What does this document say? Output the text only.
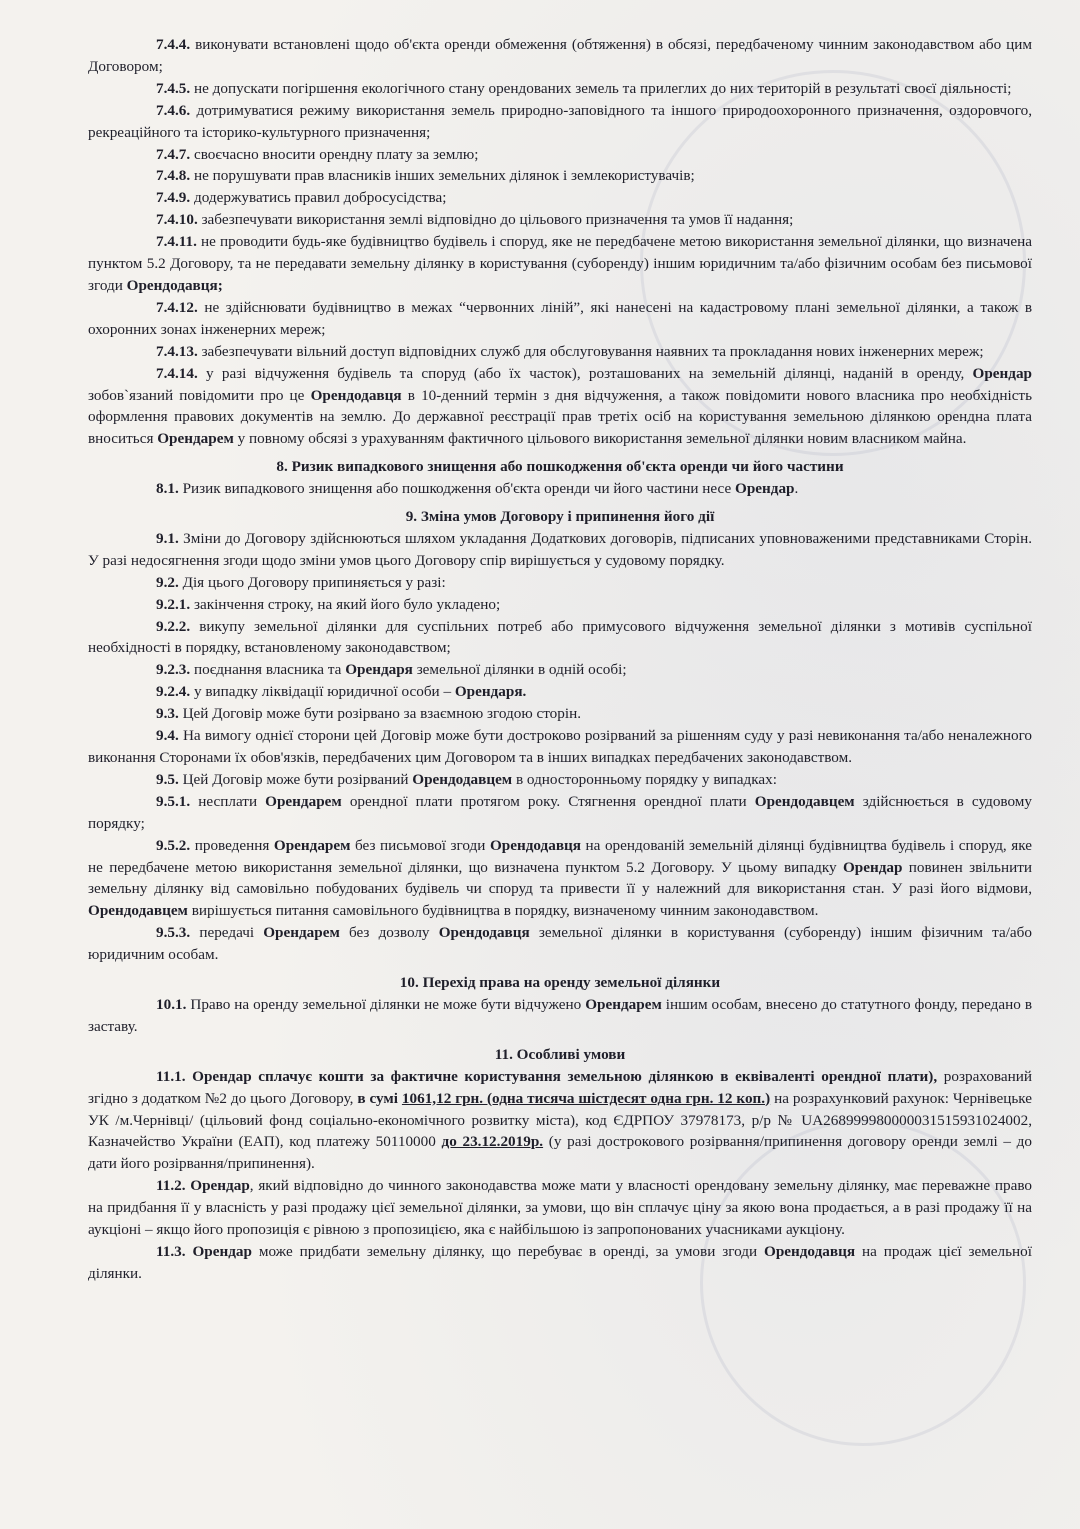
7.4.4. виконувати встановлені щодо об'єкта оренди обмеження (обтяження) в обсязі, передбаченому чинним законодавством або цим Договором;

7.4.5. не допускати погіршення екологічного стану орендованих земель та прилеглих до них територій в результаті своєї діяльності;

7.4.6. дотримуватися режиму використання земель природно-заповідного та іншого природоохоронного призначення, оздоровчого, рекреаційного та історико-культурного призначення;

7.4.7. своєчасно вносити орендну плату за землю;

7.4.8. не порушувати прав власників інших земельних ділянок і землекористувачів;

7.4.9. додержуватись правил добросусідства;

7.4.10. забезпечувати використання землі відповідно до цільового призначення та умов її надання;

7.4.11. не проводити будь-яке будівництво будівель і споруд, яке не передбачене метою використання земельної ділянки, що визначена пунктом 5.2 Договору, та не передавати земельну ділянку в користування (суборенду) іншим юридичним та/або фізичним особам без письмової згоди Орендодавця;

7.4.12. не здійснювати будівництво в межах “червонних ліній”, які нанесені на кадастровому плані земельної ділянки, а також в охоронних зонах інженерних мереж;

7.4.13. забезпечувати вільний доступ відповідних служб для обслуговування наявних та прокладання нових інженерних мереж;

7.4.14. у разі відчуження будівель та споруд (або їх часток), розташованих на земельній ділянці, наданій в оренду, Орендар зобов`язаний повідомити про це Орендодавця в 10-денний термін з дня відчуження, а також повідомити нового власника про необхідність оформлення правових документів на землю. До державної реєстрації прав третіх осіб на користування земельною ділянкою орендна плата вноситься Орендарем у повному обсязі з урахуванням фактичного цільового використання земельної ділянки новим власником майна.

8. Ризик випадкового знищення або пошкодження об'єкта оренди чи його частини

8.1. Ризик випадкового знищення або пошкодження об'єкта оренди чи його частини несе Орендар.

9. Зміна умов Договору і припинення його дії

9.1. Зміни до Договору здійснюються шляхом укладання Додаткових договорів, підписаних уповноваженими представниками Сторін. У разі недосягнення згоди щодо зміни умов цього Договору спір вирішується у судовому порядку.

9.2. Дія цього Договору припиняється у разі:

9.2.1. закінчення строку, на який його було укладено;

9.2.2. викупу земельної ділянки для суспільних потреб або примусового відчуження земельної ділянки з мотивів суспільної необхідності в порядку, встановленому законодавством;

9.2.3. поєднання власника та Орендаря земельної ділянки в одній особі;

9.2.4. у випадку ліквідації юридичної особи – Орендаря.

9.3. Цей Договір може бути розірвано за взаємною згодою сторін.

9.4. На вимогу однієї сторони цей Договір може бути достроково розірваний за рішенням суду у разі невиконання та/або неналежного виконання Сторонами їх обов'язків, передбачених цим Договором та в інших випадках передбачених законодавством.

9.5. Цей Договір може бути розірваний Орендодавцем в односторонньому порядку у випадках:

9.5.1. несплати Орендарем орендної плати протягом року. Стягнення орендної плати Орендодавцем здійснюється в судовому порядку;

9.5.2. проведення Орендарем без письмової згоди Орендодавця на орендованій земельній ділянці будівництва будівель і споруд, яке не передбачене метою використання земельної ділянки, що визначена пунктом 5.2 Договору. У цьому випадку Орендар повинен звільнити земельну ділянку від самовільно побудованих будівель чи споруд та привести її у належний для використання стан. У разі його відмови, Орендодавцем вирішується питання самовільного будівництва в порядку, визначеному чинним законодавством.

9.5.3. передачі Орендарем без дозволу Орендодавця земельної ділянки в користування (суборенду) іншим фізичним та/або юридичним особам.

10. Перехід права на оренду земельної ділянки

10.1. Право на оренду земельної ділянки не може бути відчужено Орендарем іншим особам, внесено до статутного фонду, передано в заставу.

11. Особливі умови

11.1. Орендар сплачує кошти за фактичне користування земельною ділянкою в еквіваленті орендної плати), розрахований згідно з додатком №2 до цього Договору, в сумі 1061,12 грн. (одна тисяча шістдесят одна грн. 12 коп.) на розрахунковий рахунок: Чернівецьке УК /м.Чернівці/ (цільовий фонд соціально-економічного розвитку міста), код ЄДРПОУ 37978173, р/р № UA268999980000031515931024002, Казначейство України (ЕАП), код платежу 50110000 до 23.12.2019р. (у разі дострокового розірвання/припинення договору оренди землі – до дати його розірвання/припинення).

11.2. Орендар, який відповідно до чинного законодавства може мати у власності орендовану земельну ділянку, має переважне право на придбання її у власність у разі продажу цієї земельної ділянки, за умови, що він сплачує ціну за якою вона продається, а в разі продажу її на аукціоні – якщо його пропозиція є рівною з пропозицією, яка є найбільшою із запропонованих учасниками аукціону.

11.3. Орендар може придбати земельну ділянку, що перебуває в оренді, за умови згоди Орендодавця на продаж цієї земельної ділянки.
